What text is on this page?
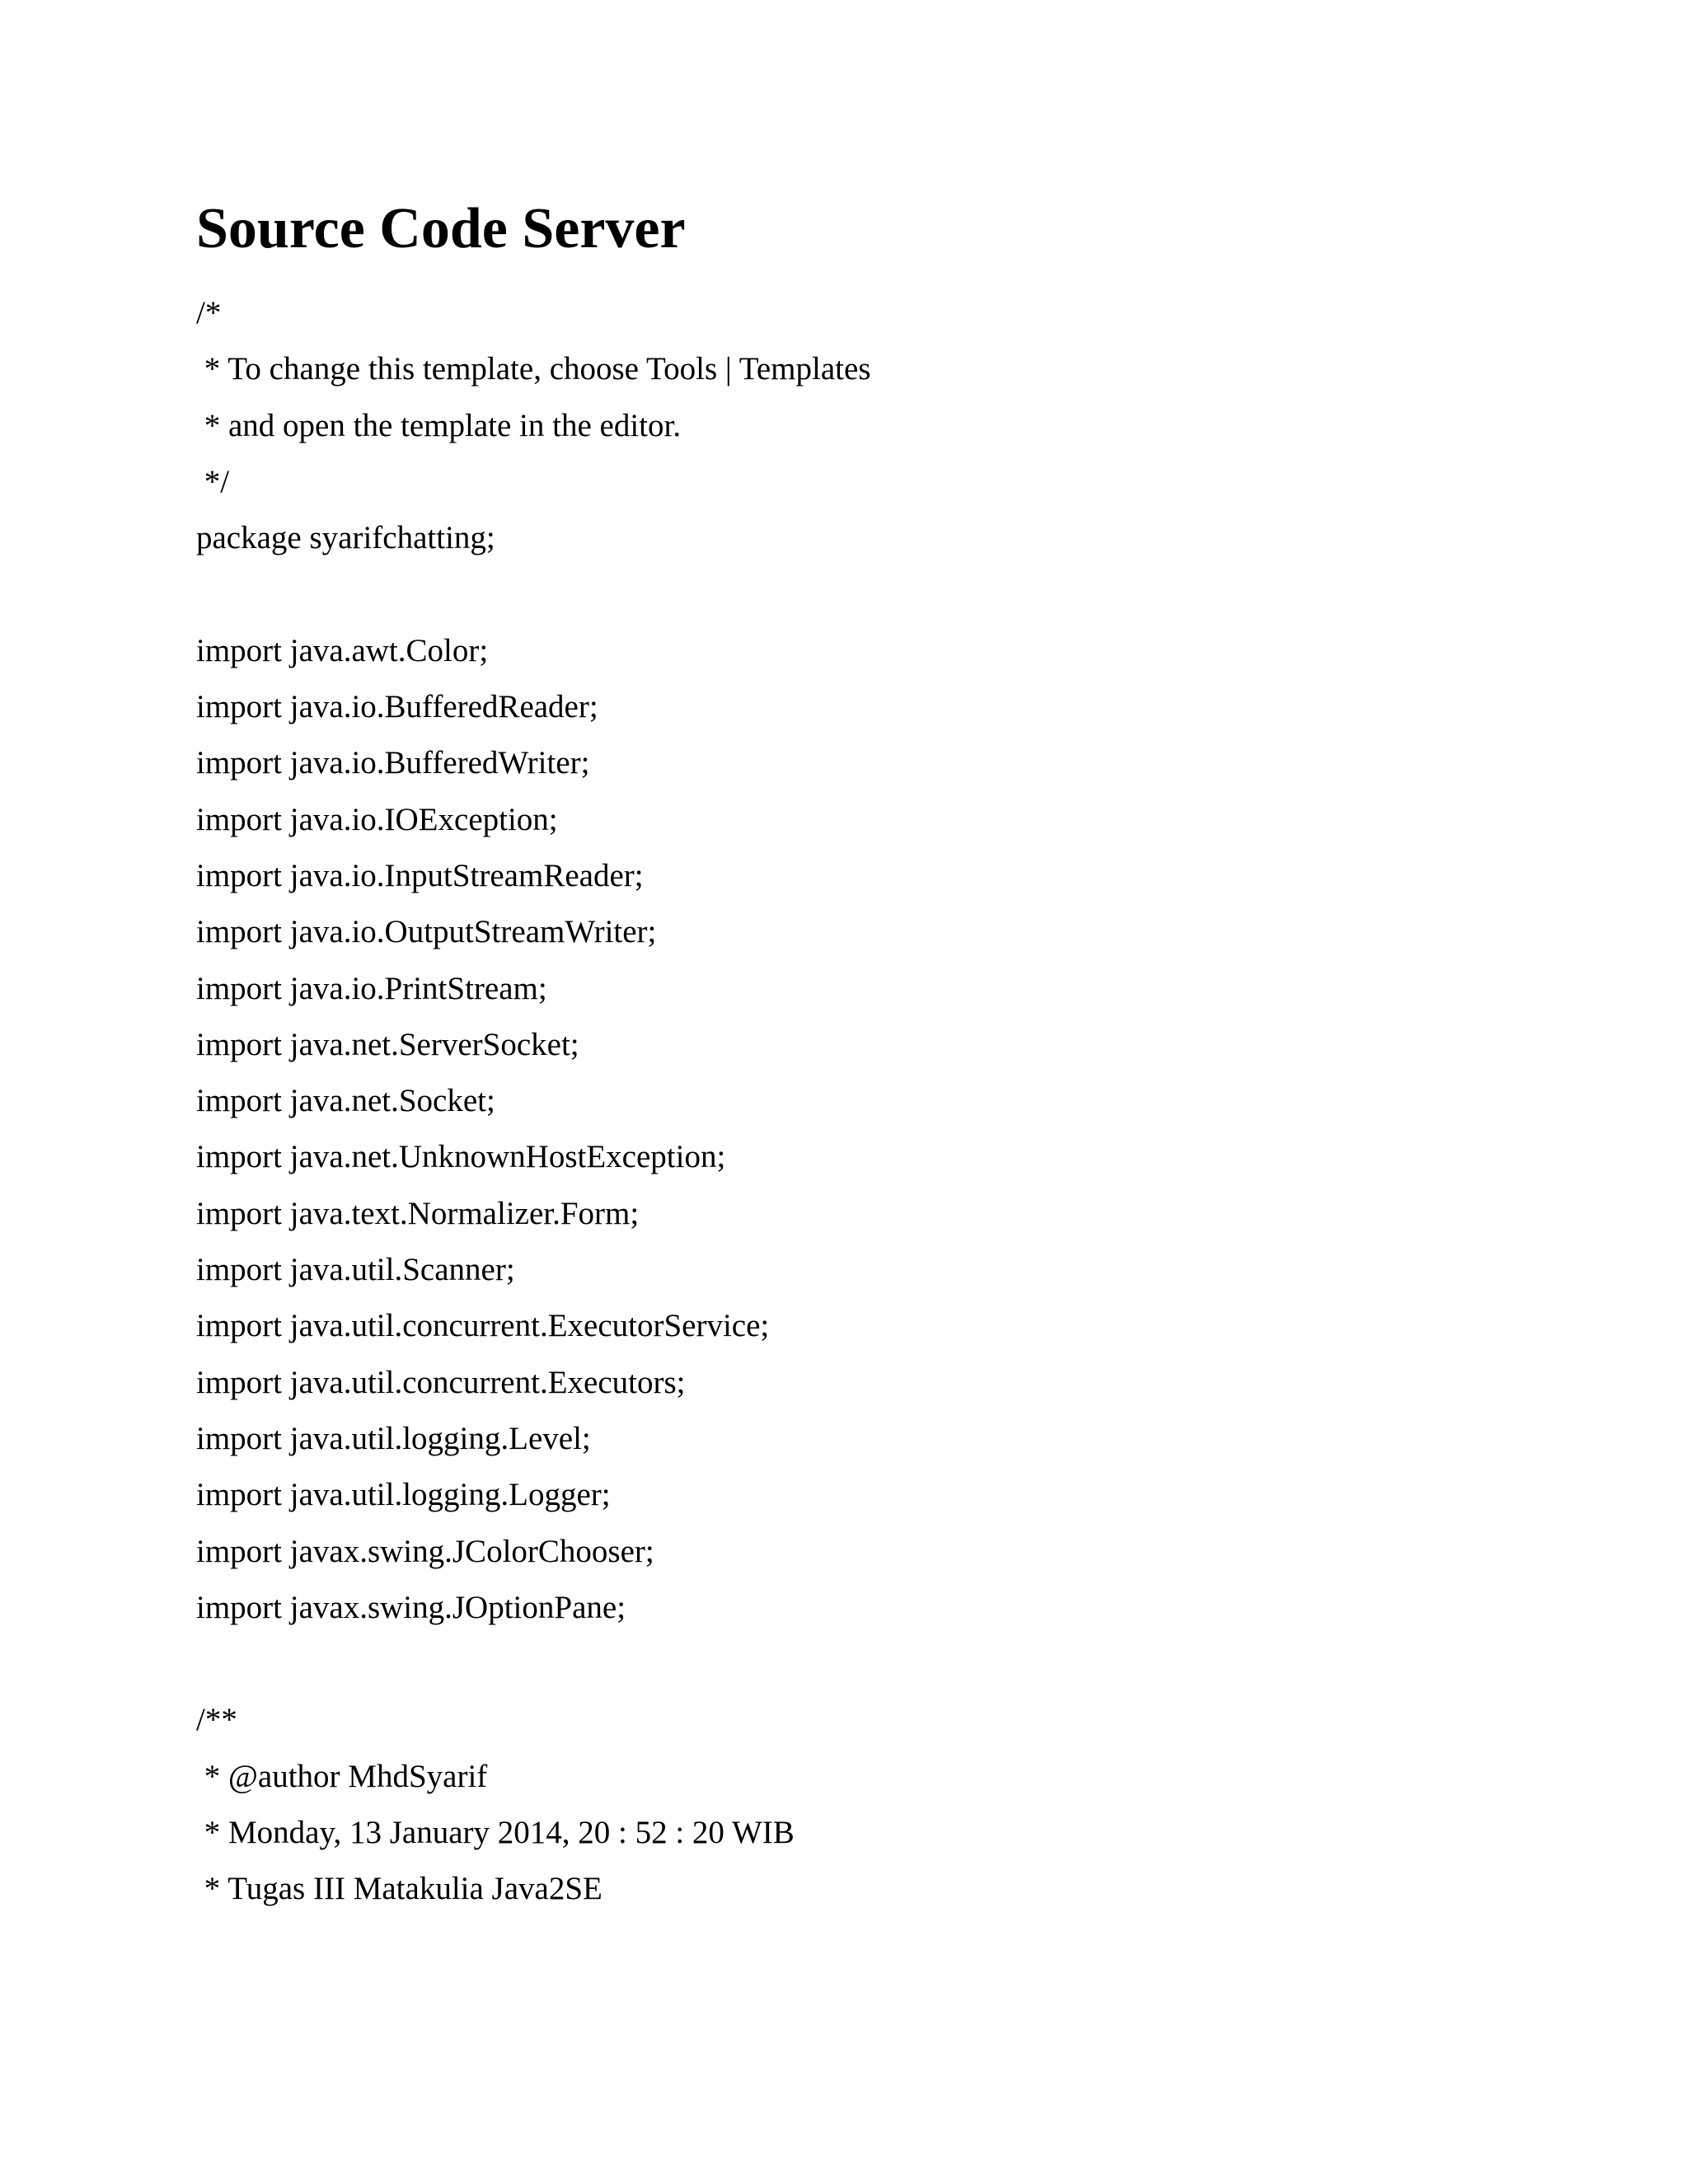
Source Code Server
/*
* To change this template, choose Tools | Templates
* and open the template in the editor.
*/
package syarifchatting;
import java.awt.Color;
import java.io.BufferedReader;
import java.io.BufferedWriter;
import java.io.IOException;
import java.io.InputStreamReader;
import java.io.OutputStreamWriter;
import java.io.PrintStream;
import java.net.ServerSocket;
import java.net.Socket;
import java.net.UnknownHostException;
import java.text.Normalizer.Form;
import java.util.Scanner;
import java.util.concurrent.ExecutorService;
import java.util.concurrent.Executors;
import java.util.logging.Level;
import java.util.logging.Logger;
import javax.swing.JColorChooser;
import javax.swing.JOptionPane;
/**
* @author MhdSyarif
* Monday, 13 January 2014, 20 : 52 : 20 WIB
* Tugas III Matakulia Java2SE
